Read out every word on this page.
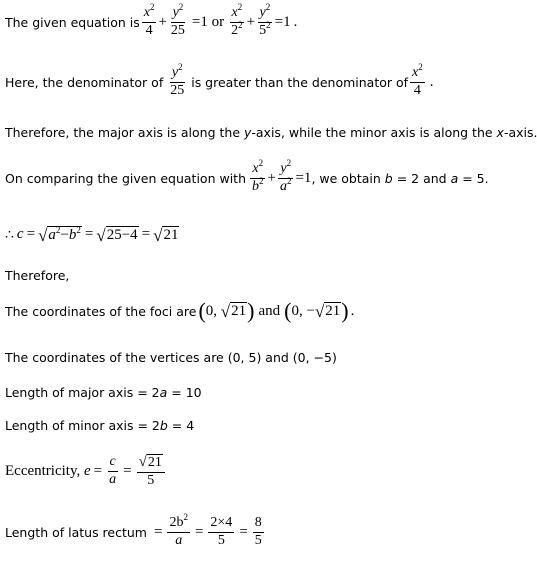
The given equation is $\frac{x^2}{4} + \frac{y^2}{25} =1$ or $\frac{x^2}{2^2} + \frac{y^2}{5^2} =1$ .
Here, the denominator of $\frac{y^2}{25}$ is greater than the denominator of $\frac{x^2}{4}$ .
Therefore, the major axis is along the y -axis, while the minor axis is along the x -axis.
On comparing the given equation with $\frac{x^2}{b^2} + \frac{y^2}{a^2} =1$ , we obtain b = 2 and a = 5.
∴ c = √ $a^2-b^2$ = √ 25−4 = √ 21
Therefore,
The coordinates of the foci are ( 0, √ 21 ) and ( 0, − √ 21 ) .
The coordinates of the vertices are (0, 5) and (0, −5)
Length of major axis = 2 a = 10
Length of minor axis = 2 b = 4
Eccentricity, $e = \frac{c}{a} = \frac{√ 21}{5}$
Length of latus rectum = $\frac{2b^2}{a} = \frac{2\times 4}{5} = \frac{8}{5}$
